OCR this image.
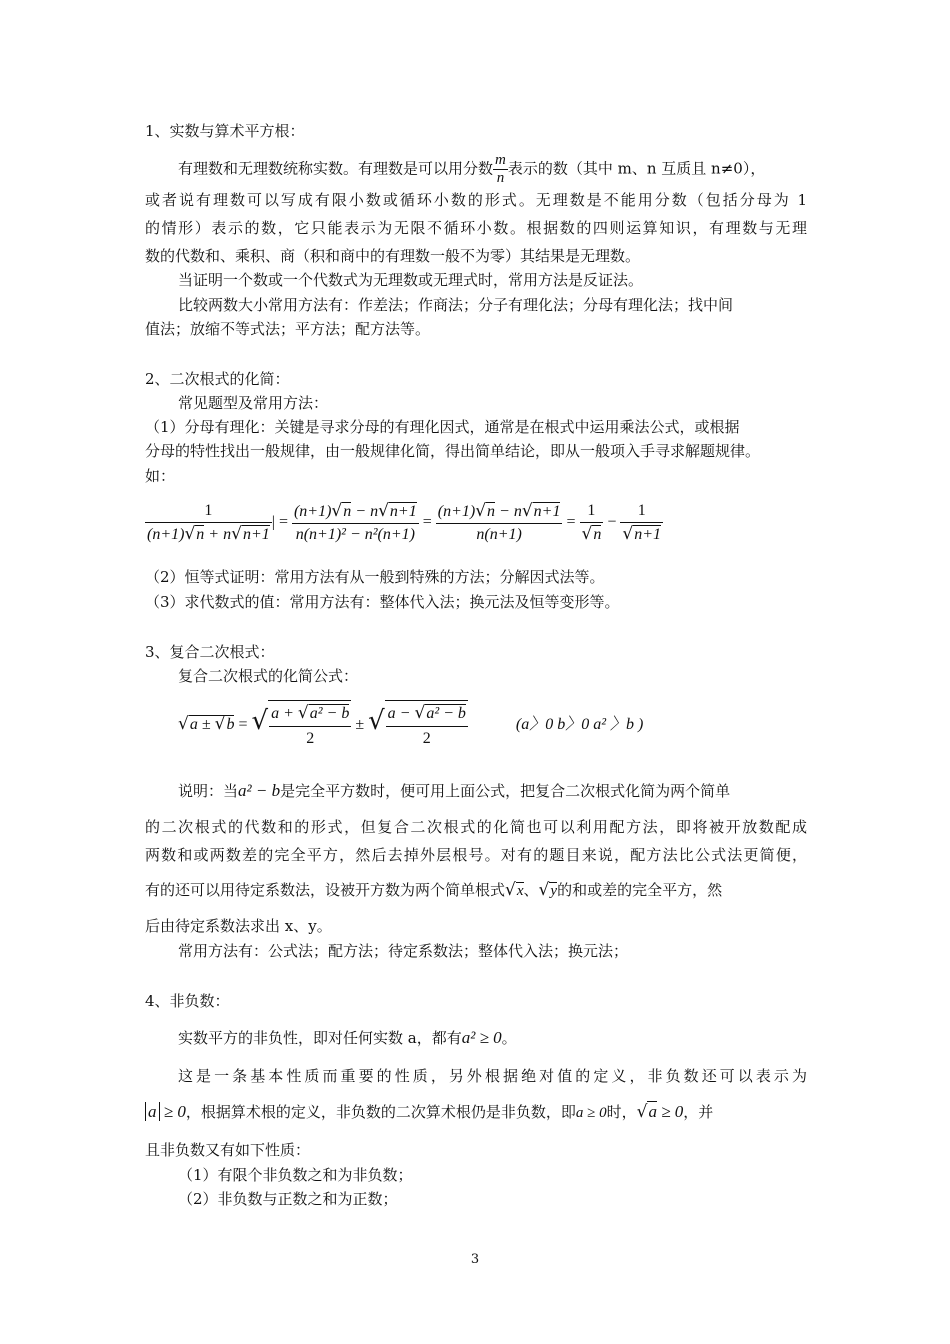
1、实数与算术平方根：
有理数和无理数统称实数。有理数是可以用分数 $\frac{m}{n}$ 表示的数（其中 m、n 互质且 n≠0），
或者说有理数可以写成有限小数或循环小数的形式。无理数是不能用分数（包括分母为 1
的情形）表示的数，它只能表示为无限不循环小数。根据数的四则运算知识，有理数与无理
数的代数和、乘积、商（积和商中的有理数一般不为零）其结果是无理数。
当证明一个数或一个代数式为无理数或无理式时，常用方法是反证法。
比较两数大小常用方法有：作差法；作商法；分子有理化法；分母有理化法；找中间
值法；放缩不等式法；平方法；配方法等。
2、二次根式的化简：
常见题型及常用方法：
（1）分母有理化：关键是寻求分母的有理化因式，通常是在根式中运用乘法公式，或根据
分母的特性找出一般规律，由一般规律化简，得出简单结论，即从一般项入手寻求解题规律。
如：
$\frac{1}{(n+1)√n + n√n+1}$ | = $\frac{(n+1)√n - n√n+1}{\text{n(n+1)² − n²(n+1)}} = \frac{(n+1)√n - n√n+1}{n(n+1)} = \frac{1}{√n} - \frac{1}{√n+1}$
（2）恒等式证明：常用方法有从一般到特殊的方法；分解因式法等。
（3）求代数式的值：常用方法有：整体代入法；换元法及恒等变形等。
3、复合二次根式：
复合二次根式的化简公式：
√a ± √b = √ $\frac{\text{a + √a² − b}}{2}$ ± √ $\frac{\text{a − √a² − b}}{2}$	(a〉0 b〉0 a² 〉b )
说明：当a² − b是完全平方数时，便可用上面公式，把复合二次根式化简为两个简单
的二次根式的代数和的形式，但复合二次根式的化简也可以利用配方法，即将被开放数配成
两数和或两数差的完全平方，然后去掉外层根号。对有的题目来说，配方法比公式法更简便，
有的还可以用待定系数法，设被开方数为两个简单根式√x、√y的和或差的完全平方，然
后由待定系数法求出 x、y。
常用方法有：公式法；配方法；待定系数法；整体代入法；换元法；
4、非负数：
实数平方的非负性，即对任何实数 a，都有a² ≥ 0。
这是一条基本性质而重要的性质，另外根据绝对值的定义，非负数还可以表示为
a ≥ 0，根据算术根的定义，非负数的二次算术根仍是非负数，即a ≥ 0时，√a ≥ 0，并
且非负数又有如下性质：
（1）有限个非负数之和为非负数；
（2）非负数与正数之和为正数；
3
